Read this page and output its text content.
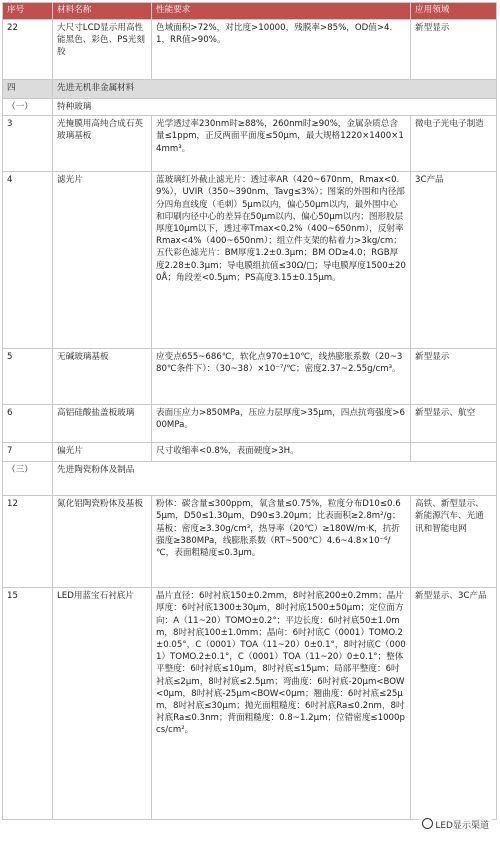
序号	材料名称	性能要求	应用领域
22	大尺寸LCD显示用高性能黑色、彩色、PS光刻胶	色域面积>72%，对比度>10000，残膜率>85%，OD值>4.1，RR值>90%。	新型显示
四	先进无机非金属材料		
（一）	特种玻璃		
3	光掩膜用高纯合成石英玻璃基板	光学透过率230nm时≥88%，260nm时≥90%，金属杂质总含量≤1ppm，正反两面平面度≤50μm，最大规格1220×1400×14mm³。	微电子光电子制造
4	滤光片	蓝玻璃红外截止滤光片：透过率AR（420~670nm，Rmax<0.9%），UVIR（350~390nm，Tavg≤3%）；图案的外围和内径部分四角直线度（毛刺）5μm以内，偏心50μm以内，最外围中心和印刷内径中心的差异在50μm以内、偏心50μm以内；图形胶层厚度10μm以下，透过率Tmax<0.2%（400~650nm），反射率Rmax<4%（400~650nm）；组立件支架的粘着力>3kg/cm；五代彩色滤光片：BM厚度1.2±0.3μm；BM OD≥4.0；RGB厚度2.28±0.3μm；导电膜组抗值≤30Ω/□；导电膜厚度1500±200Å；角段差<0.5μm；PS高度3.15±0.15μm。	3C产品
5	无碱玻璃基板	应变点655~686℃，软化点970±10℃，线热膨胀系数（20~380℃条件下）：（30~38）×10⁻⁷/℃；密度2.37~2.55g/cm³。	新型显示
6	高铝硅酸盐盖板玻璃	表面压应力>850MPa，压应力层厚度>35μm，四点抗弯强度>600MPa。	新型显示、航空
7	偏光片	尺寸收缩率<0.8%，表面硬度>3H。	
（三）	先进陶瓷粉体及制品		
12	氮化铝陶瓷粉体及基板	粉体：碳含量≤300ppm，氧含量≤0.75%，粒度分布D10≤0.65μm，D50≤1.30μm，D90≤3.20μm；比表面积≥2.8m²/g；基板：密度≥3.30g/cm³，热导率（20℃）≥180W/m·K，抗折强度≥380MPa，线膨胀系数（RT~500℃）4.6~4.8×10⁻⁶/℃，表面粗糙度≤0.3μm。	高铁、新型显示、新能源汽车、光通讯和智能电网
15	LED用蓝宝石衬底片	晶片直径：6吋衬底150±0.2mm，8吋衬底200±0.2mm；晶片厚度：6吋衬底1300±30μm，8吋衬底1500±50μm；定位面方向：A（11~20）TOMO±0.2°；平边长度：6吋衬底50±1.0mm，8吋衬底100±1.0mm；晶向：6吋衬底C（0001）TOMO.2±0.05°，C（0001）TOA（11~20）0±0.1°，8吋衬底C（0001）TOMO.2±0.1°，C（0001）TOA（11~20）0±0.1°；整体平整度：6吋衬底≤10μm，8吋衬底≤15μm；局部平整度：6吋衬底≤2μm，8吋衬底≤2.5μm；弯曲度：6吋衬底-20μm<BOW<0μm，8吋衬底-25μm<BOW<0μm；翘曲度：6吋衬底≤25μm，8吋衬底≤30μm；抛光面粗糙度：6吋衬底Ra≤0.2nm，8吋衬底Ra≤0.3nm；背面粗糙度：0.8~1.2μm；位错密度≤1000pcs/cm²。	新型显示、3C产品
LED显示渠道
